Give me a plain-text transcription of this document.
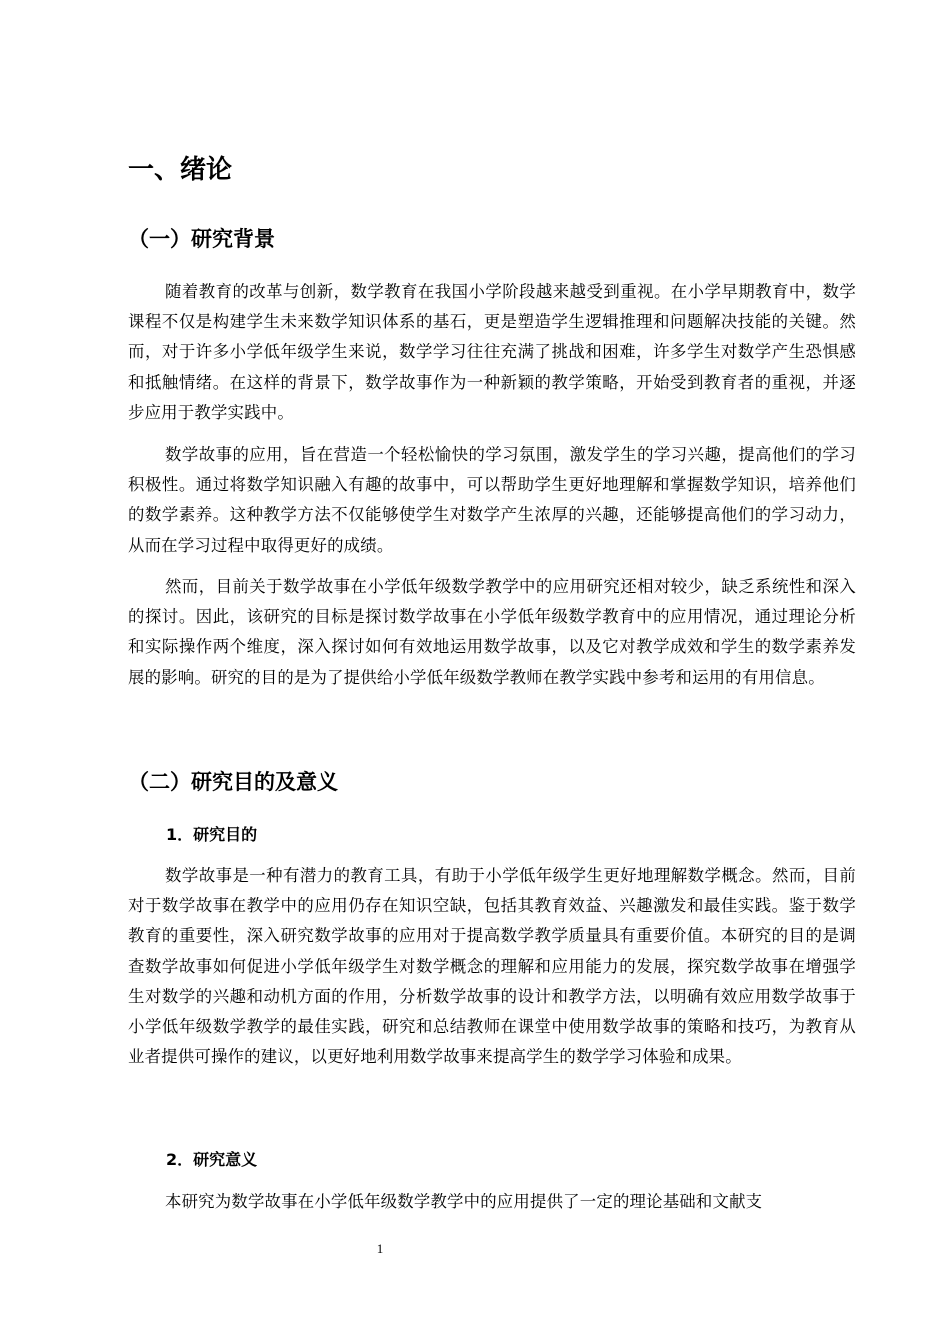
一、绪论
（一）研究背景

随着教育的改革与创新，数学教育在我国小学阶段越来越受到重视。在小学早期教育中，数学课程不仅是构建学生未来数学知识体系的基石，更是塑造学生逻辑推理和问题解决技能的关键。然而，对于许多小学低年级学生来说，数学学习往往充满了挑战和困难，许多学生对数学产生恐惧感和抵触情绪。在这样的背景下，数学故事作为一种新颖的教学策略，开始受到教育者的重视，并逐步应用于教学实践中。

数学故事的应用，旨在营造一个轻松愉快的学习氛围，激发学生的学习兴趣，提高他们的学习积极性。通过将数学知识融入有趣的故事中，可以帮助学生更好地理解和掌握数学知识，培养他们的数学素养。这种教学方法不仅能够使学生对数学产生浓厚的兴趣，还能够提高他们的学习动力，从而在学习过程中取得更好的成绩。

然而，目前关于数学故事在小学低年级数学教学中的应用研究还相对较少，缺乏系统性和深入的探讨。因此，该研究的目标是探讨数学故事在小学低年级数学教育中的应用情况，通过理论分析和实际操作两个维度，深入探讨如何有效地运用数学故事，以及它对教学成效和学生的数学素养发展的影响。研究的目的是为了提供给小学低年级数学教师在教学实践中参考和运用的有用信息。

（二）研究目的及意义
1．研究目的

数学故事是一种有潜力的教育工具，有助于小学低年级学生更好地理解数学概念。然而，目前对于数学故事在教学中的应用仍存在知识空缺，包括其教育效益、兴趣激发和最佳实践。鉴于数学教育的重要性，深入研究数学故事的应用对于提高数学教学质量具有重要价值。本研究的目的是调查数学故事如何促进小学低年级学生对数学概念的理解和应用能力的发展，探究数学故事在增强学生对数学的兴趣和动机方面的作用，分析数学故事的设计和教学方法，以明确有效应用数学故事于小学低年级数学教学的最佳实践，研究和总结教师在课堂中使用数学故事的策略和技巧，为教育从业者提供可操作的建议，以更好地利用数学故事来提高学生的数学学习体验和成果。

2．研究意义

本研究为数学故事在小学低年级数学教学中的应用提供了一定的理论基础和文献支

1
